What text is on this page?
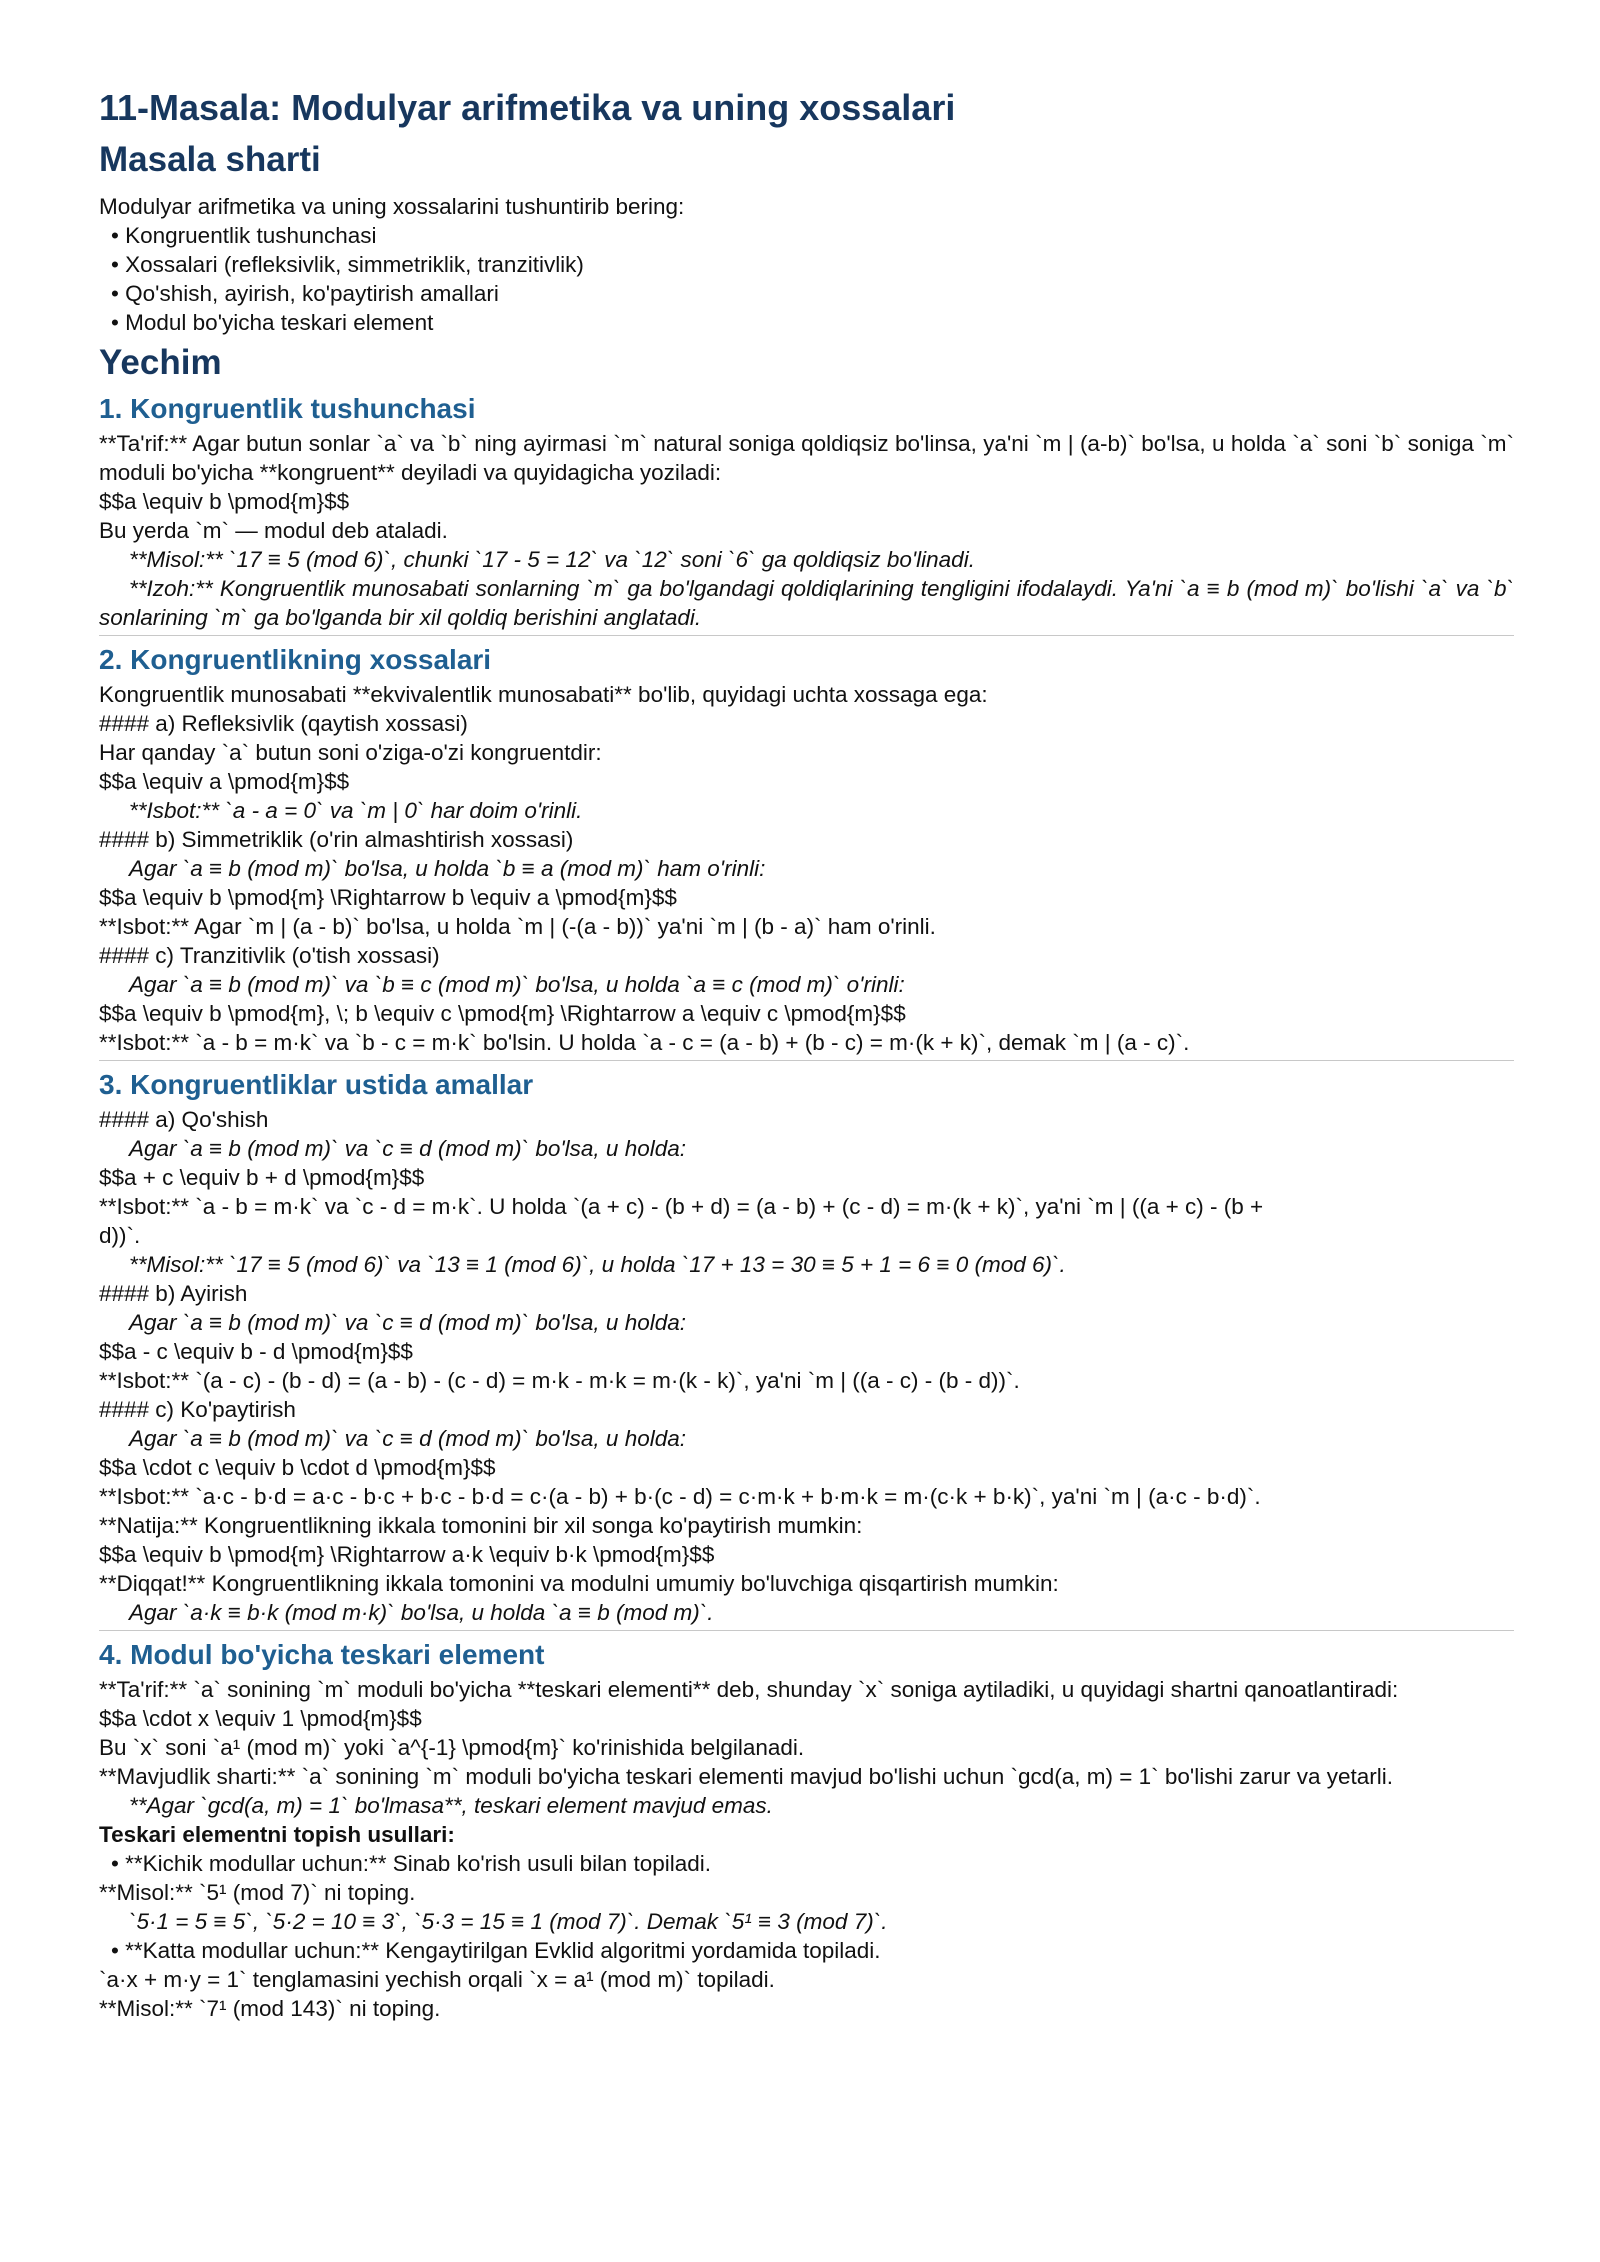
11-Masala: Modulyar arifmetika va uning xossalari
Masala sharti
Modulyar arifmetika va uning xossalarini tushuntirib bering:
• Kongruentlik tushunchasi
• Xossalari (refleksivlik, simmetriklik, tranzitivlik)
• Qo'shish, ayirish, ko'paytirish amallari
• Modul bo'yicha teskari element
Yechim
1. Kongruentlik tushunchasi
**Ta'rif:** Agar butun sonlar `a` va `b` ning ayirmasi `m` natural soniga qoldiqsiz bo'linsa, ya'ni `m | (a-b)` bo'lsa, u holda `a` soni `b` soniga `m` moduli bo'yicha **kongruent** deyiladi va quyidagicha yoziladi:
$$a \equiv b \pmod{m}$$
Bu yerda `m` — modul deb ataladi.
**Misol:** `17 ≡ 5 (mod 6)`, chunki `17 - 5 = 12` va `12` soni `6` ga qoldiqsiz bo'linadi.
**Izoh:** Kongruentlik munosabati sonlarning `m` ga bo'lgandagi qoldiqlarining tengligini ifodalaydi. Ya'ni `a ≡ b (mod m)` bo'lishi `a` va `b` sonlarining `m` ga bo'lganda bir xil qoldiq berishini anglatadi.
2. Kongruentlikning xossalari
Kongruentlik munosabati **ekvivalentlik munosabati** bo'lib, quyidagi uchta xossaga ega:
#### a) Refleksivlik (qaytish xossasi)
Har qanday `a` butun soni o'ziga-o'zi kongruentdir:
$$a \equiv a \pmod{m}$$
**Isbot:** `a - a = 0` va `m | 0` har doim o'rinli.
#### b) Simmetriklik (o'rin almashtirish xossasi)
Agar `a ≡ b (mod m)` bo'lsa, u holda `b ≡ a (mod m)` ham o'rinli:
$$a \equiv b \pmod{m} \Rightarrow b \equiv a \pmod{m}$$
**Isbot:** Agar `m | (a - b)` bo'lsa, u holda `m | (-(a - b))` ya'ni `m | (b - a)` ham o'rinli.
#### c) Tranzitivlik (o'tish xossasi)
Agar `a ≡ b (mod m)` va `b ≡ c (mod m)` bo'lsa, u holda `a ≡ c (mod m)` o'rinli:
$$a \equiv b \pmod{m}, \; b \equiv c \pmod{m} \Rightarrow a \equiv c \pmod{m}$$
**Isbot:** `a - b = m·k` va `b - c = m·k` bo'lsin. U holda `a - c = (a - b) + (b - c) = m·(k + k)`, demak `m | (a - c)`.
3. Kongruentliklar ustida amallar
#### a) Qo'shish
Agar `a ≡ b (mod m)` va `c ≡ d (mod m)` bo'lsa, u holda:
$$a + c \equiv b + d \pmod{m}$$
**Isbot:** `a - b = m·k` va `c - d = m·k`. U holda `(a + c) - (b + d) = (a - b) + (c - d) = m·(k + k)`, ya'ni `m | ((a + c) - (b +
d))`.
**Misol:** `17 ≡ 5 (mod 6)` va `13 ≡ 1 (mod 6)`, u holda `17 + 13 = 30 ≡ 5 + 1 = 6 ≡ 0 (mod 6)`.
#### b) Ayirish
Agar `a ≡ b (mod m)` va `c ≡ d (mod m)` bo'lsa, u holda:
$$a - c \equiv b - d \pmod{m}$$
**Isbot:** `(a - c) - (b - d) = (a - b) - (c - d) = m·k - m·k = m·(k - k)`, ya'ni `m | ((a - c) - (b - d))`.
#### c) Ko'paytirish
Agar `a ≡ b (mod m)` va `c ≡ d (mod m)` bo'lsa, u holda:
$$a \cdot c \equiv b \cdot d \pmod{m}$$
**Isbot:** `a·c - b·d = a·c - b·c + b·c - b·d = c·(a - b) + b·(c - d) = c·m·k + b·m·k = m·(c·k + b·k)`, ya'ni `m | (a·c - b·d)`.
**Natija:** Kongruentlikning ikkala tomonini bir xil songa ko'paytirish mumkin:
$$a \equiv b \pmod{m} \Rightarrow a·k \equiv b·k \pmod{m}$$
**Diqqat!** Kongruentlikning ikkala tomonini va modulni umumiy bo'luvchiga qisqartirish mumkin:
Agar `a·k ≡ b·k (mod m·k)` bo'lsa, u holda `a ≡ b (mod m)`.
4. Modul bo'yicha teskari element
**Ta'rif:** `a` sonining `m` moduli bo'yicha **teskari elementi** deb, shunday `x` soniga aytiladiki, u quyidagi shartni qanoatlantiradi:
$$a \cdot x \equiv 1 \pmod{m}$$
Bu `x` soni `a¹ (mod m)` yoki `a^{-1} \pmod{m}` ko'rinishida belgilanadi.
**Mavjudlik sharti:** `a` sonining `m` moduli bo'yicha teskari elementi mavjud bo'lishi uchun `gcd(a, m) = 1` bo'lishi zarur va yetarli.
**Agar `gcd(a, m) = 1` bo'lmasa**, teskari element mavjud emas.
Teskari elementni topish usullari:
• **Kichik modullar uchun:** Sinab ko'rish usuli bilan topiladi.
**Misol:** `5¹ (mod 7)` ni toping.
`5·1 = 5 ≡ 5`, `5·2 = 10 ≡ 3`, `5·3 = 15 ≡ 1 (mod 7)`. Demak `5¹ ≡ 3 (mod 7)`.
• **Katta modullar uchun:** Kengaytirilgan Evklid algoritmi yordamida topiladi.
`a·x + m·y = 1` tenglamasini yechish orqali `x = a¹ (mod m)` topiladi.
**Misol:** `7¹ (mod 143)` ni toping.
